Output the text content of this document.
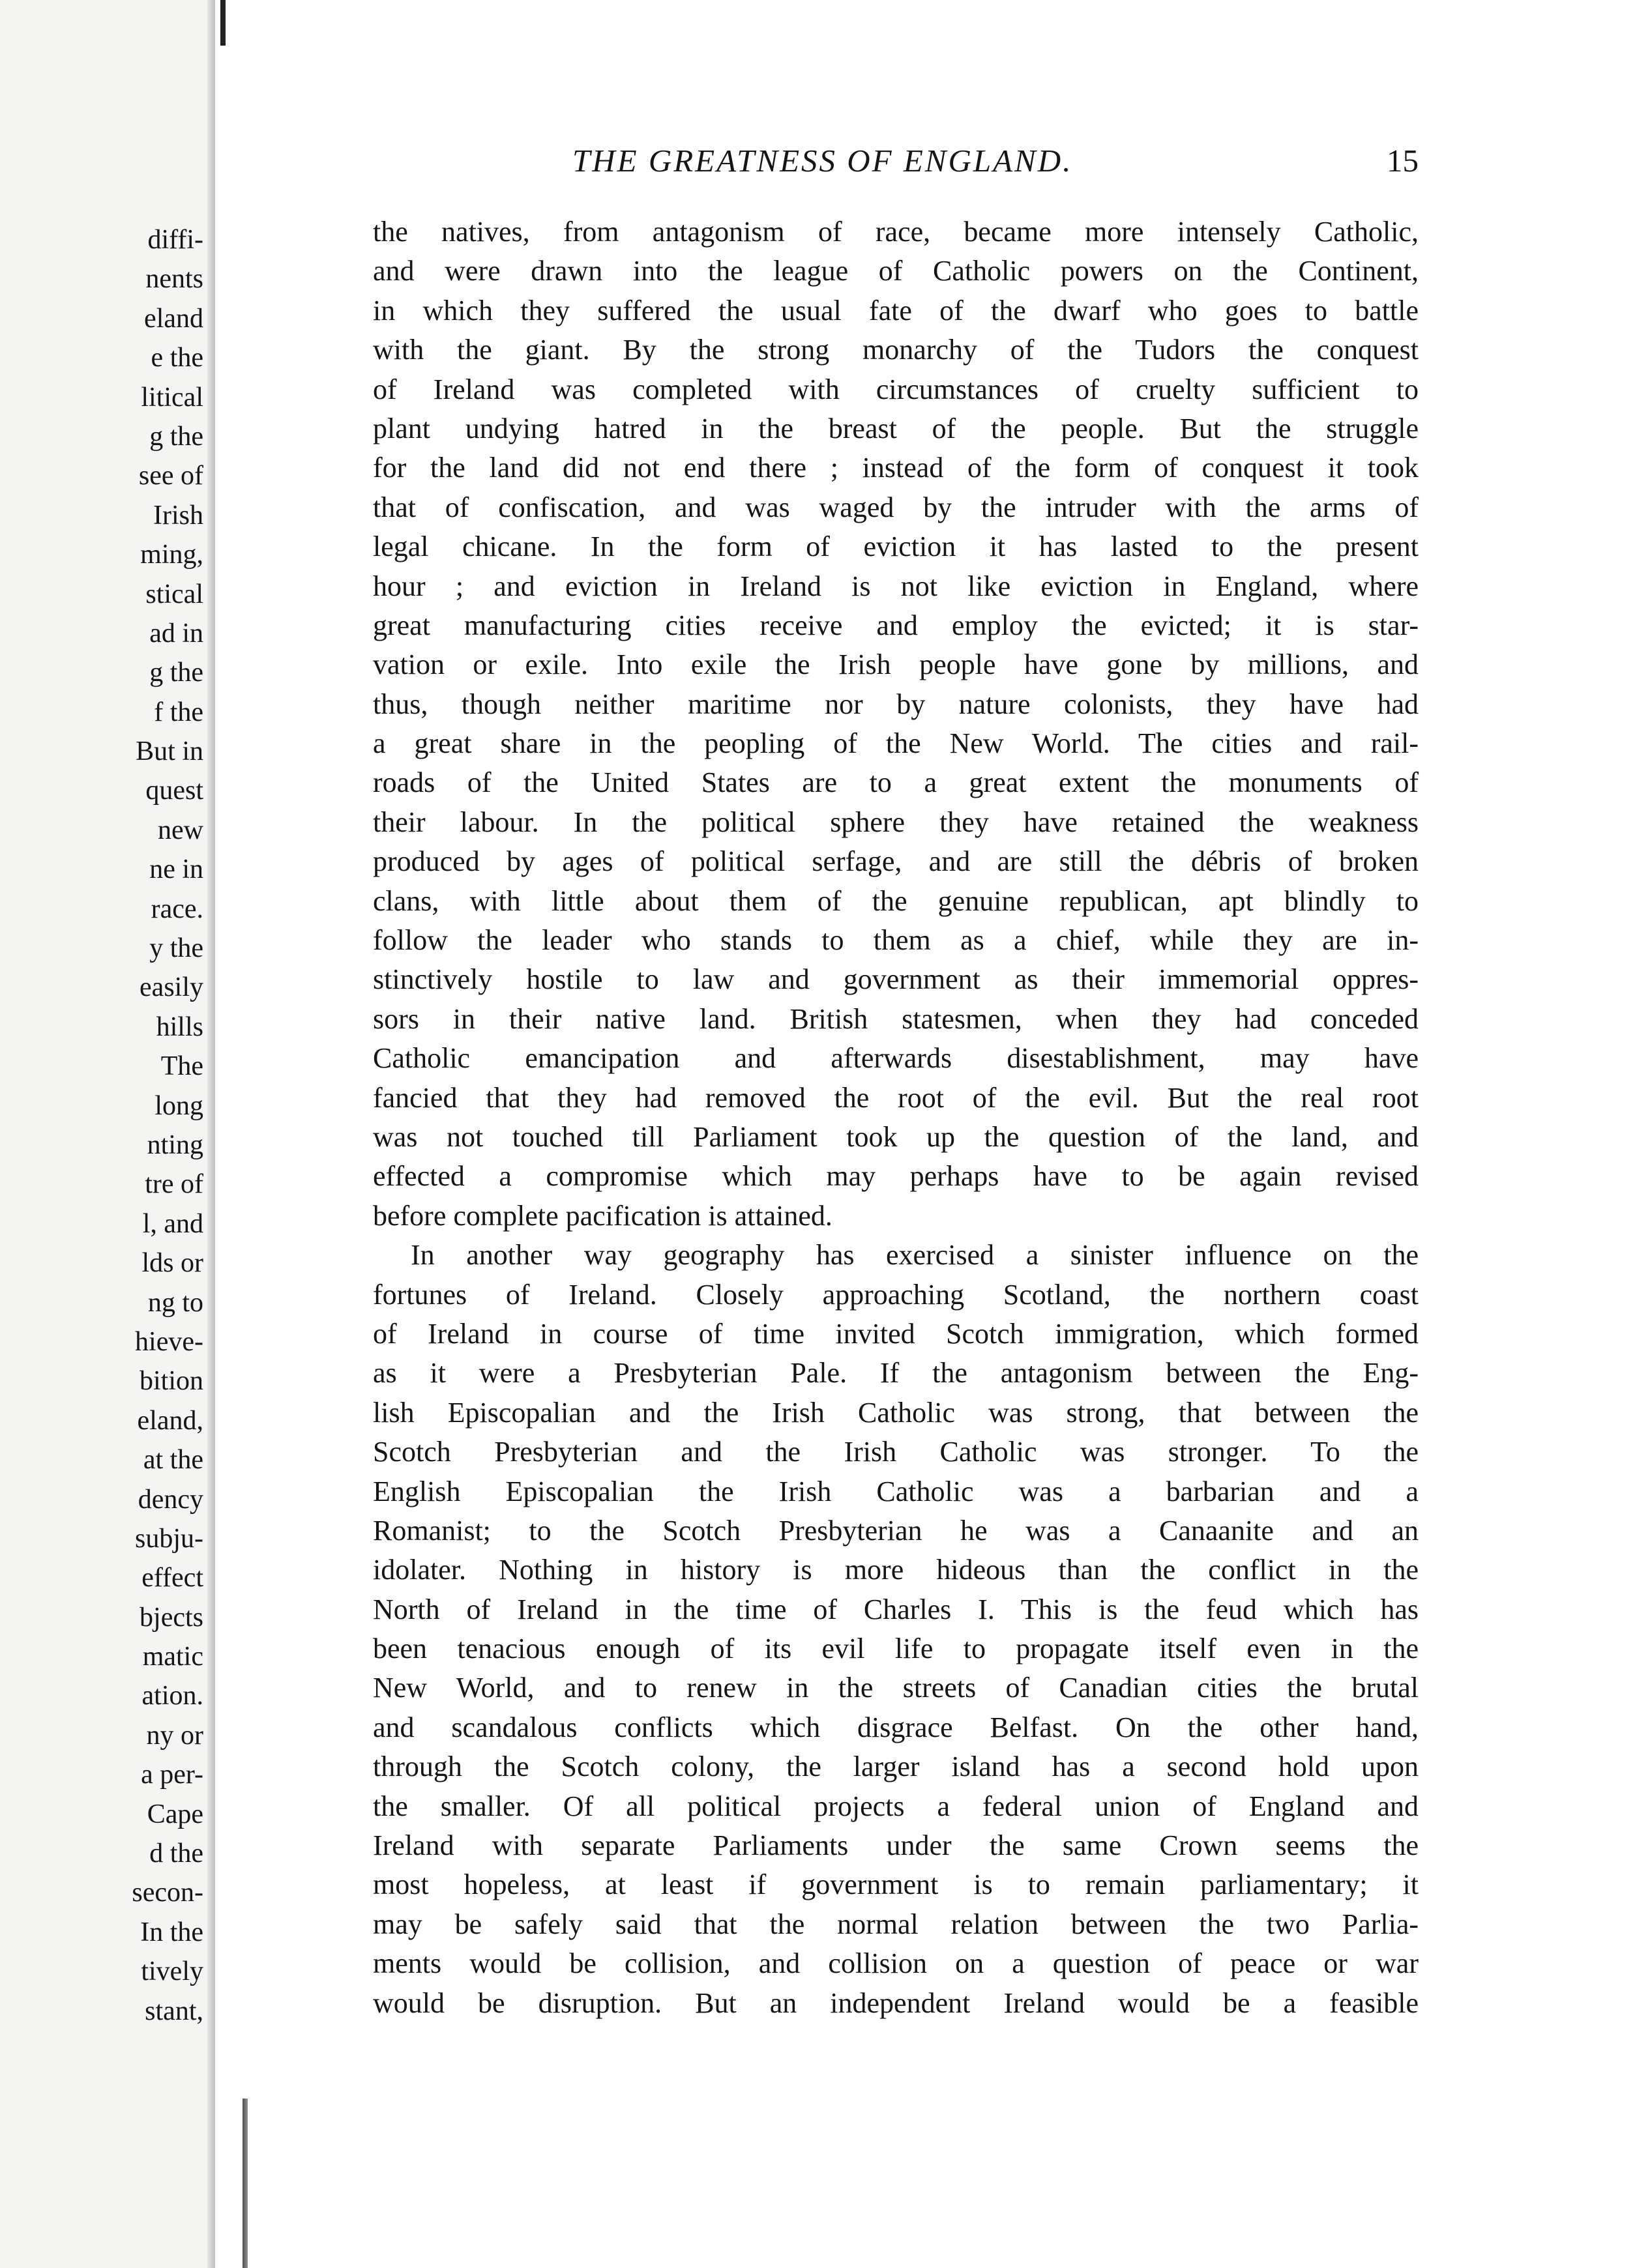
diffi-
nents
eland
e the
litical
g the
see of
Irish
ming,
stical
ad in
g the
f the
But in
quest
new
ne in
race.
y the
easily
hills
The
long
nting
tre of
l, and
lds or
ng to
hieve-
bition
eland,
at the
dency
subju-
effect
bjects
matic
ation.
ny or
a per-
Cape
d the
secon-
In the
tively
stant,
THE GREATNESS OF ENGLAND.	15
the natives, from antagonism of race, became more intensely Catholic,
and were drawn into the league of Catholic powers on the Continent,
in which they suffered the usual fate of the dwarf who goes to battle
with the giant. By the strong monarchy of the Tudors the conquest
of Ireland was completed with circumstances of cruelty sufficient to
plant undying hatred in the breast of the people. But the struggle
for the land did not end there ; instead of the form of conquest it took
that of confiscation, and was waged by the intruder with the arms of
legal chicane. In the form of eviction it has lasted to the present
hour ; and eviction in Ireland is not like eviction in England, where
great manufacturing cities receive and employ the evicted; it is star-
vation or exile. Into exile the Irish people have gone by millions, and
thus, though neither maritime nor by nature colonists, they have had
a great share in the peopling of the New World. The cities and rail-
roads of the United States are to a great extent the monuments of
their labour. In the political sphere they have retained the weakness
produced by ages of political serfage, and are still the débris of broken
clans, with little about them of the genuine republican, apt blindly to
follow the leader who stands to them as a chief, while they are in-
stinctively hostile to law and government as their immemorial oppres-
sors in their native land. British statesmen, when they had conceded
Catholic emancipation and afterwards disestablishment, may have
fancied that they had removed the root of the evil. But the real root
was not touched till Parliament took up the question of the land, and
effected a compromise which may perhaps have to be again revised
before complete pacification is attained.
In another way geography has exercised a sinister influence on the
fortunes of Ireland. Closely approaching Scotland, the northern coast
of Ireland in course of time invited Scotch immigration, which formed
as it were a Presbyterian Pale. If the antagonism between the Eng-
lish Episcopalian and the Irish Catholic was strong, that between the
Scotch Presbyterian and the Irish Catholic was stronger. To the
English Episcopalian the Irish Catholic was a barbarian and a
Romanist; to the Scotch Presbyterian he was a Canaanite and an
idolater. Nothing in history is more hideous than the conflict in the
North of Ireland in the time of Charles I. This is the feud which has
been tenacious enough of its evil life to propagate itself even in the
New World, and to renew in the streets of Canadian cities the brutal
and scandalous conflicts which disgrace Belfast. On the other hand,
through the Scotch colony, the larger island has a second hold upon
the smaller. Of all political projects a federal union of England and
Ireland with separate Parliaments under the same Crown seems the
most hopeless, at least if government is to remain parliamentary; it
may be safely said that the normal relation between the two Parlia-
ments would be collision, and collision on a question of peace or war
would be disruption. But an independent Ireland would be a feasible
